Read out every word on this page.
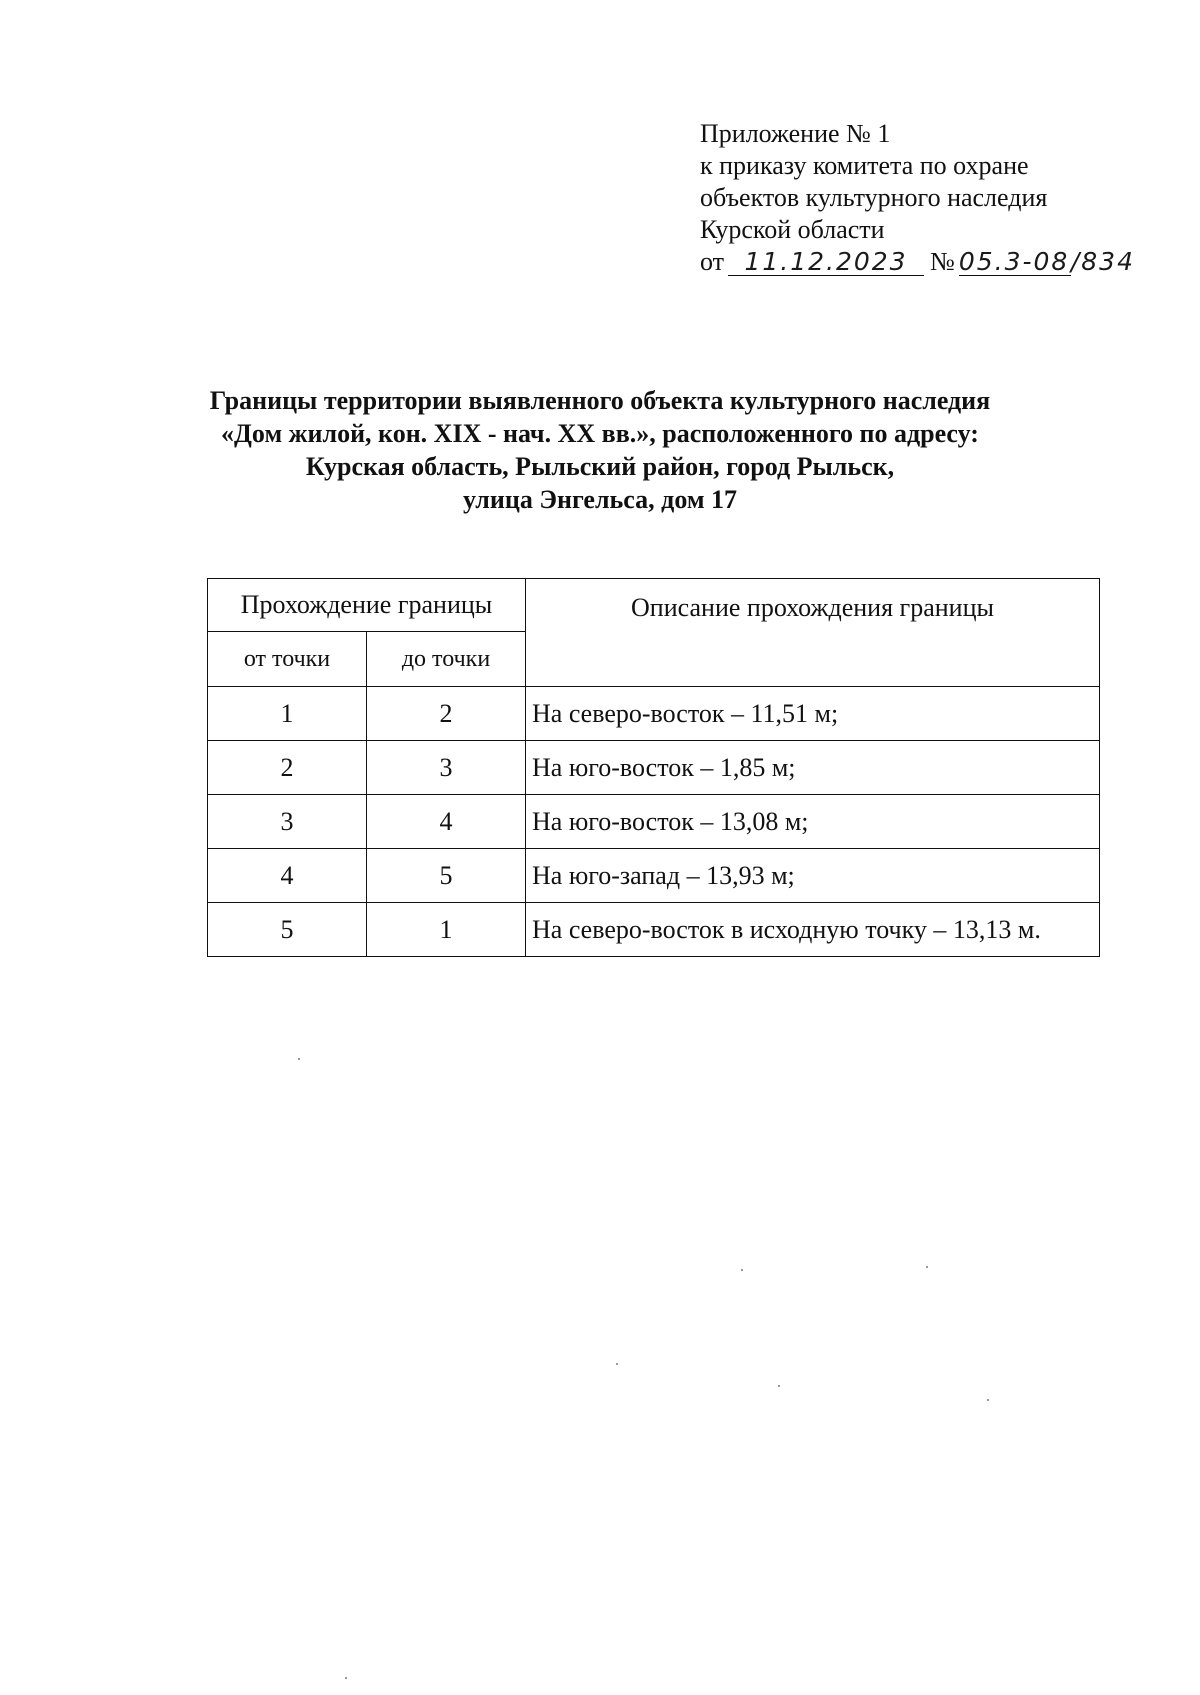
Приложение № 1
к приказу комитета по охране
объектов культурного наследия
Курской области
от 11.12.2023 № 05.3-08/834
Границы территории выявленного объекта культурного наследия
«Дом жилой, кон. XIX - нач. XX вв.», расположенного по адресу:
Курская область, Рыльский район, город Рыльск,
улица Энгельса, дом 17
Прохождение границы		Описание прохождения границы
от точки	до точки	
1	2	На северо-восток – 11,51 м;
2	3	На юго-восток – 1,85 м;
3	4	На юго-восток – 13,08 м;
4	5	На юго-запад – 13,93 м;
5	1	На северо-восток в исходную точку – 13,13 м.
